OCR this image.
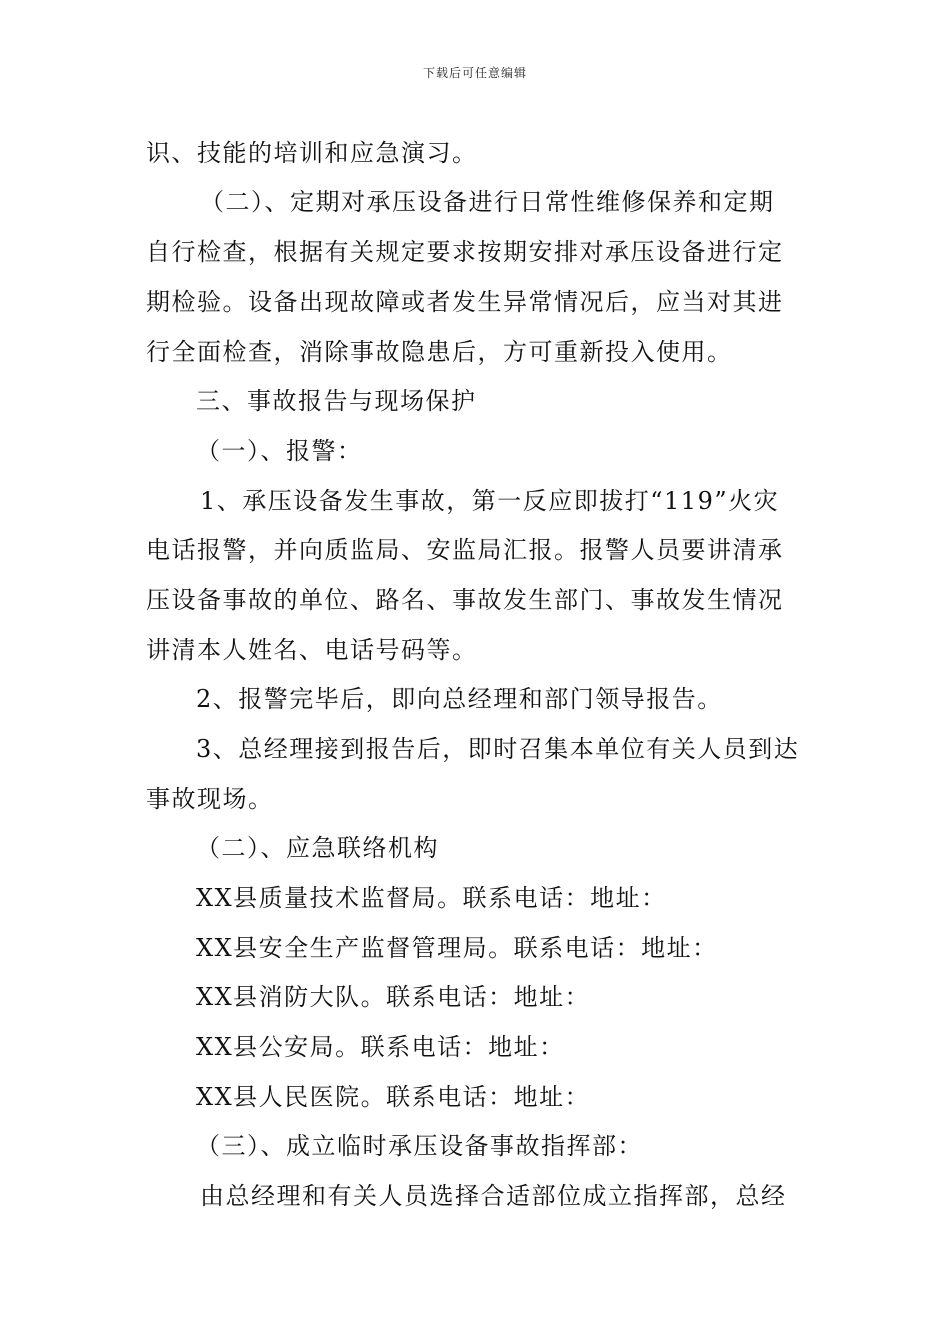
下载后可任意编辑
识、技能的培训和应急演习。
（二）、定期对承压设备进行日常性维修保养和定期
自行检查，根据有关规定要求按期安排对承压设备进行定
期检验。设备出现故障或者发生异常情况后，应当对其进
行全面检查，消除事故隐患后，方可重新投入使用。
三、事故报告与现场保护
（一）、报警：
1、承压设备发生事故，第一反应即拔打“119”火灾
电话报警，并向质监局、安监局汇报。报警人员要讲清承
压设备事故的单位、路名、事故发生部门、事故发生情况
讲清本人姓名、电话号码等。
2、报警完毕后，即向总经理和部门领导报告。
3、总经理接到报告后，即时召集本单位有关人员到达
事故现场。
（二）、应急联络机构
XX县质量技术监督局。联系电话：地址：
XX县安全生产监督管理局。联系电话：地址：
XX县消防大队。联系电话：地址：
XX县公安局。联系电话：地址：
XX县人民医院。联系电话：地址：
（三）、成立临时承压设备事故指挥部：
由总经理和有关人员选择合适部位成立指挥部，总经
